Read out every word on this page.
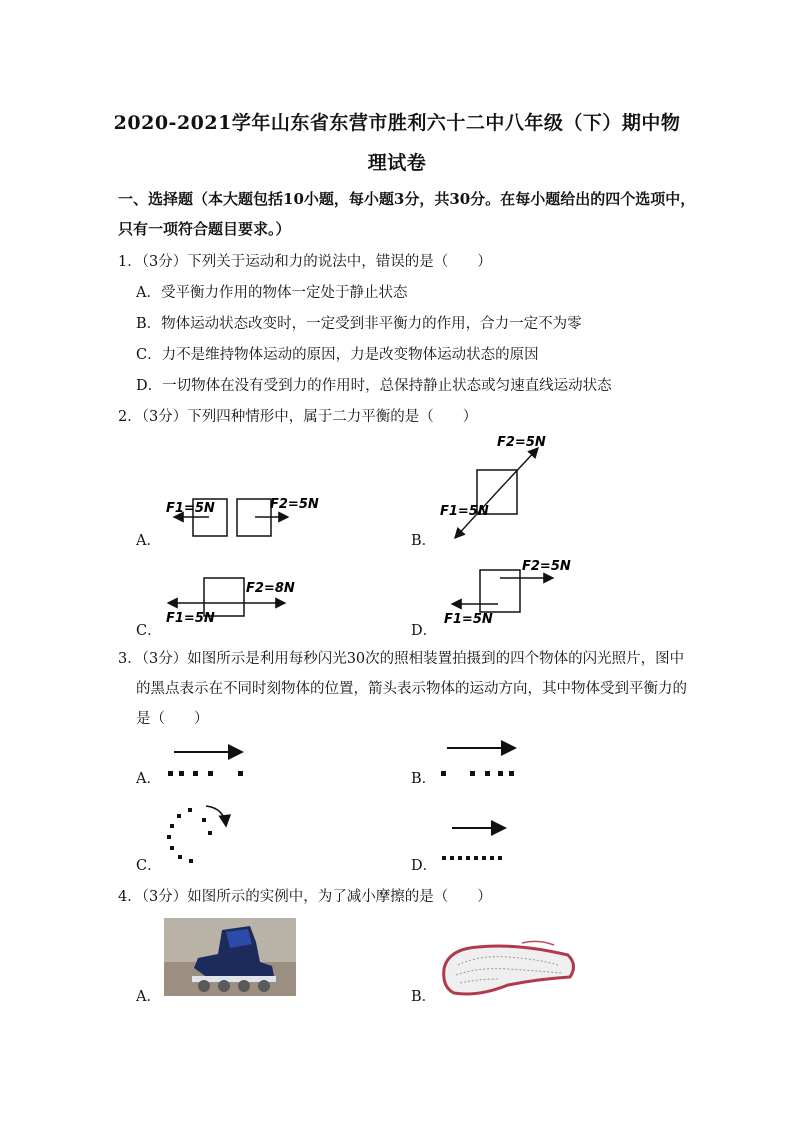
2020-2021学年山东省东营市胜利六十二中八年级（下）期中物
理试卷
一、选择题（本大题包括10小题，每小题3分，共30分。在每小题给出的四个选项中，
只有一项符合题目要求。）
1．（3分）下列关于运动和力的说法中，错误的是（　　）
A．受平衡力作用的物体一定处于静止状态
B．物体运动状态改变时，一定受到非平衡力的作用，合力一定不为零
C．力不是维持物体运动的原因，力是改变物体运动状态的原因
D．一切物体在没有受到力的作用时，总保持静止状态或匀速直线运动状态
2．（3分）下列四种情形中，属于二力平衡的是（　　）
A．
F1=5N	F2=5N
B．
F2=5N
F1=5N
C．
F2=8N
F1=5N
D．
F2=5N
F1=5N
3．（3分）如图所示是利用每秒闪光30次的照相装置拍摄到的四个物体的闪光照片，图中
的黑点表示在不同时刻物体的位置，箭头表示物体的运动方向，其中物体受到平衡力的
是（　　）
A．	B．
C．	D．
4．（3分）如图所示的实例中，为了减小摩擦的是（　　）
A．	B．
